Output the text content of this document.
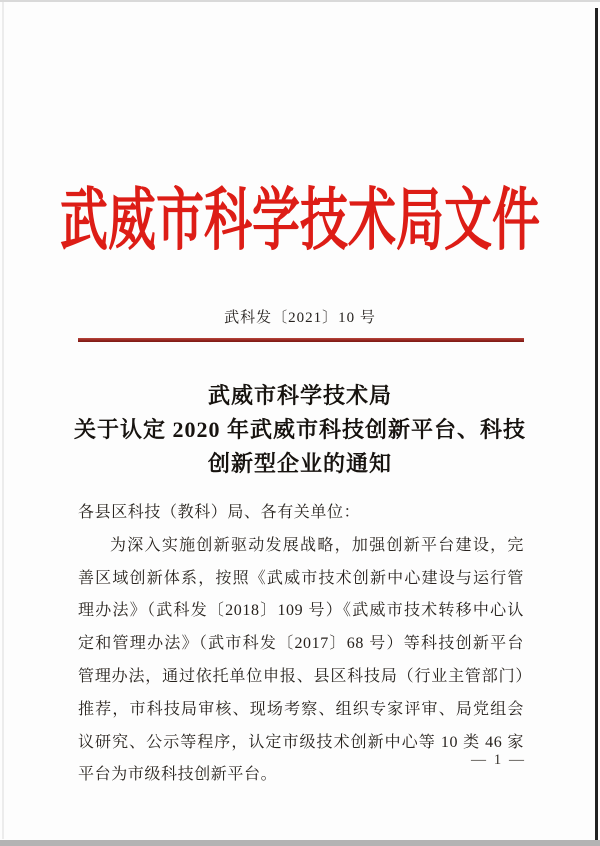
武威市科学技术局文件
武科发〔2021〕10 号
武威市科学技术局
关于认定 2020 年武威市科技创新平台、科技
创新型企业的通知

各县区科技（教科）局、各有关单位：

为深入实施创新驱动发展战略，加强创新平台建设，完善区域创新体系，按照《武威市技术创新中心建设与运行管理办法》（武科发〔2018〕109 号）《武威市技术转移中心认定和管理办法》（武市科发〔2017〕68 号）等科技创新平台管理办法，通过依托单位申报、县区科技局（行业主管部门）推荐，市科技局审核、现场考察、组织专家评审、局党组会议研究、公示等程序，认定市级技术创新中心等 10 类 46 家平台为市级科技创新平台。

— 1 —
